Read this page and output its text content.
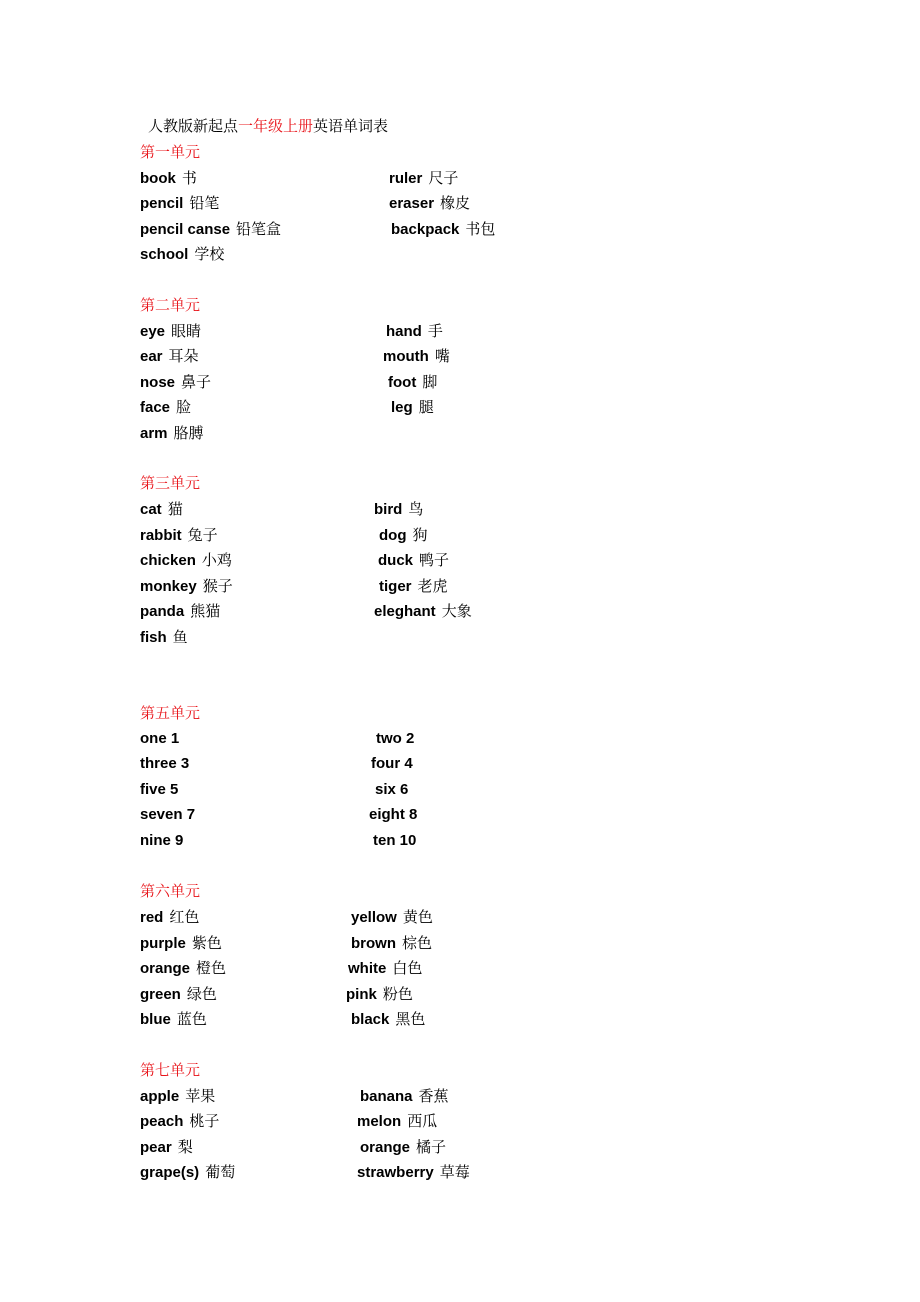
人教版新起点一年级上册英语单词表
第一单元
book 书	ruler 尺子
pencil 铅笔	eraser 橡皮
pencil canse 铅笔盒	backpack 书包
school 学校
第二单元
eye 眼睛	hand 手
ear 耳朵	mouth 嘴
nose 鼻子	foot 脚
face 脸	leg 腿
arm 胳膊
第三单元
cat 猫	bird 鸟
rabbit 兔子	dog 狗
chicken 小鸡	duck 鸭子
monkey 猴子	tiger 老虎
panda 熊猫	eleghant 大象
fish 鱼
第五单元
one 1	two 2
three 3	four 4
five 5	six 6
seven 7	eight 8
nine 9	ten 10
第六单元
red 红色	yellow 黄色
purple 紫色	brown 棕色
orange 橙色	white 白色
green 绿色	pink 粉色
blue 蓝色	black 黑色
第七单元
apple 苹果	banana 香蕉
peach 桃子	melon 西瓜
pear 梨	orange 橘子
grape(s) 葡萄	strawberry 草莓
